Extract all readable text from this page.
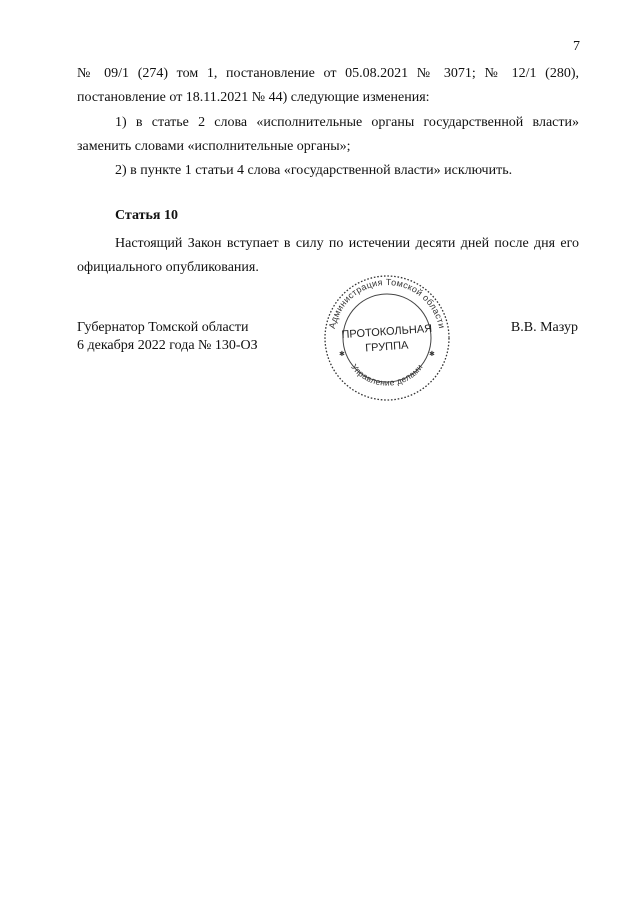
7
№ 09/1 (274) том 1, постановление от 05.08.2021 № 3071; № 12/1 (280),
постановление от 18.11.2021 № 44) следующие изменения:
1) в статье 2 слова «исполнительные органы государственной власти»
заменить словами «исполнительные органы»;
2) в пункте 1 статьи 4 слова «государственной власти» исключить.
Статья 10
Настоящий Закон вступает в силу по истечении десяти дней после дня его
официального опубликования.
Губернатор Томской области
6 декабря 2022 года № 130-ОЗ
В.В. Мазур
Администрация Томской области
Управление делами
✱	✱
ПРОТОКОЛЬНАЯ
ГРУППА
